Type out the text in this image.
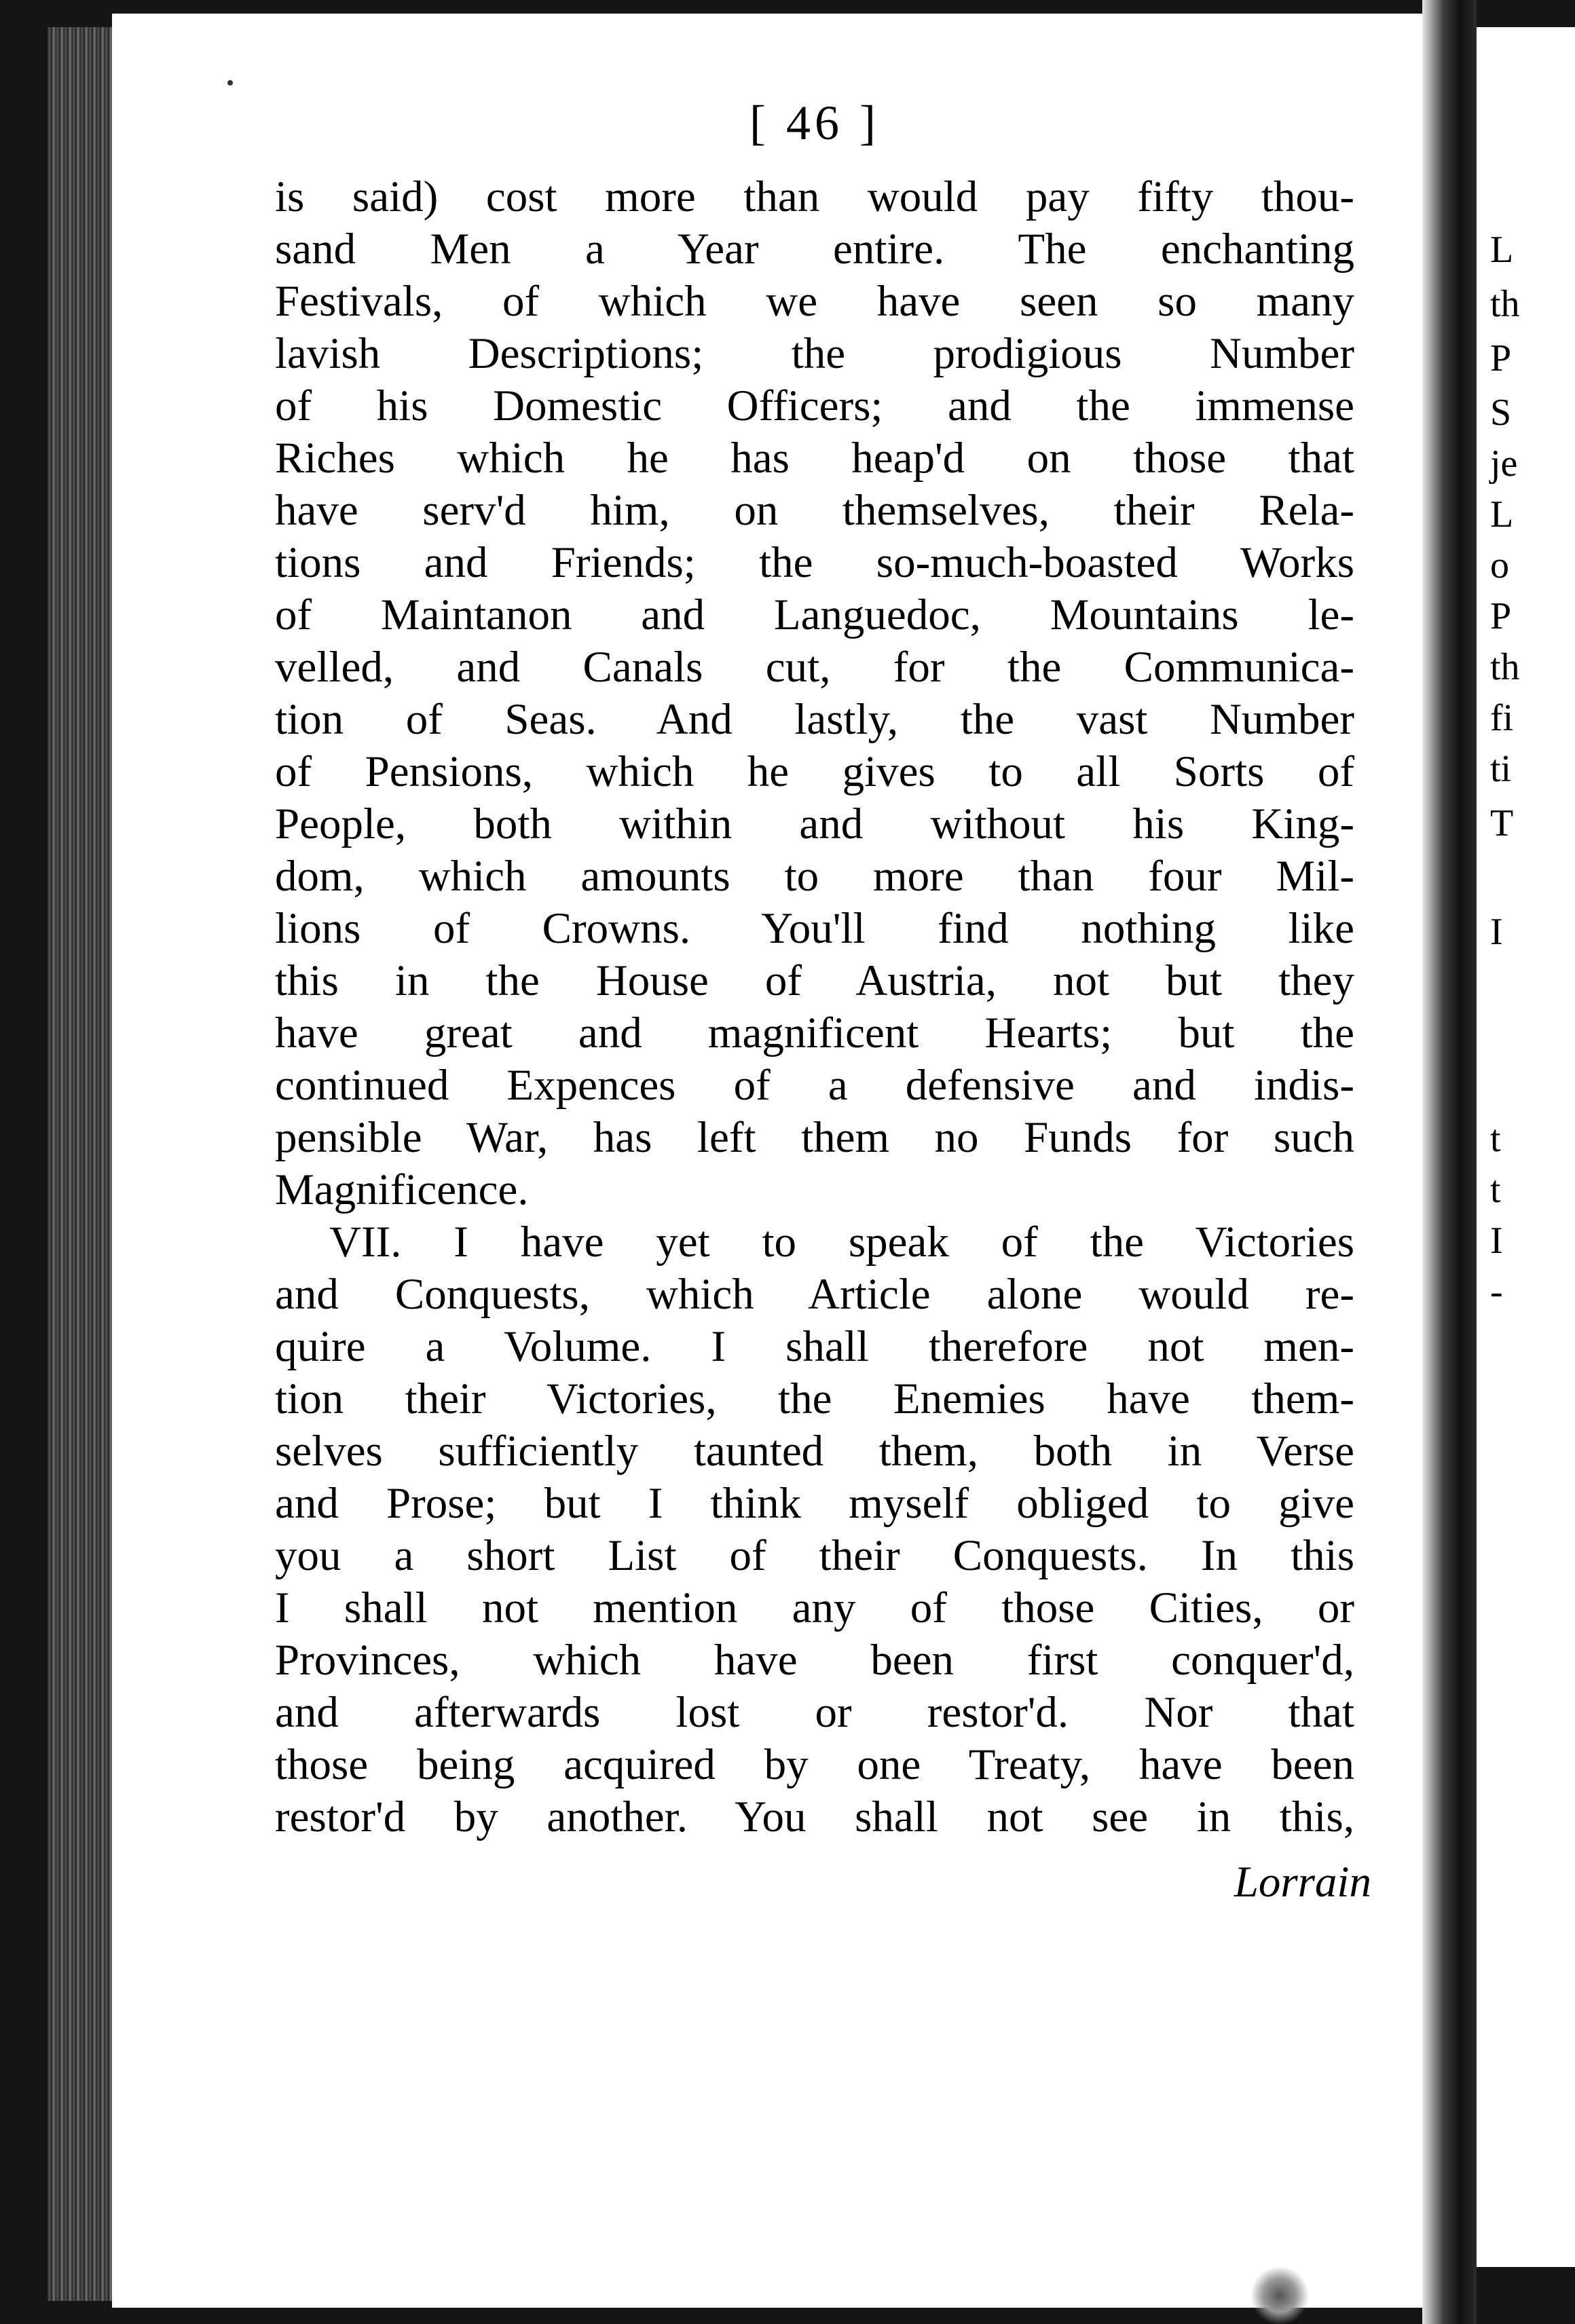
[ 46 ]
is said) cost more than would pay fifty thou-
sand Men a Year entire. The enchanting
Festivals, of which we have seen so many
lavish Descriptions; the prodigious Number
of his Domestic Officers; and the immense
Riches which he has heap'd on those that
have serv'd him, on themselves, their Rela-
tions and Friends; the so-much-boasted Works
of Maintanon and Languedoc, Mountains le-
velled, and Canals cut, for the Communica-
tion of Seas. And lastly, the vast Number
of Pensions, which he gives to all Sorts of
People, both within and without his King-
dom, which amounts to more than four Mil-
lions of Crowns. You'll find nothing like
this in the House of Austria, not but they
have great and magnificent Hearts; but the
continued Expences of a defensive and indis-
pensible War, has left them no Funds for such
Magnificence.
VII. I have yet to speak of the Victories
and Conquests, which Article alone would re-
quire a Volume. I shall therefore not men-
tion their Victories, the Enemies have them-
selves sufficiently taunted them, both in Verse
and Prose; but I think myself obliged to give
you a short List of their Conquests. In this
I shall not mention any of those Cities, or
Provinces, which have been first conquer'd,
and afterwards lost or restor'd. Nor that
those being acquired by one Treaty, have been
restor'd by another. You shall not see in this,
Lorrain
L
th
P
S
je
L
o
P
th
fi
ti
T
I
t
t
I
-
